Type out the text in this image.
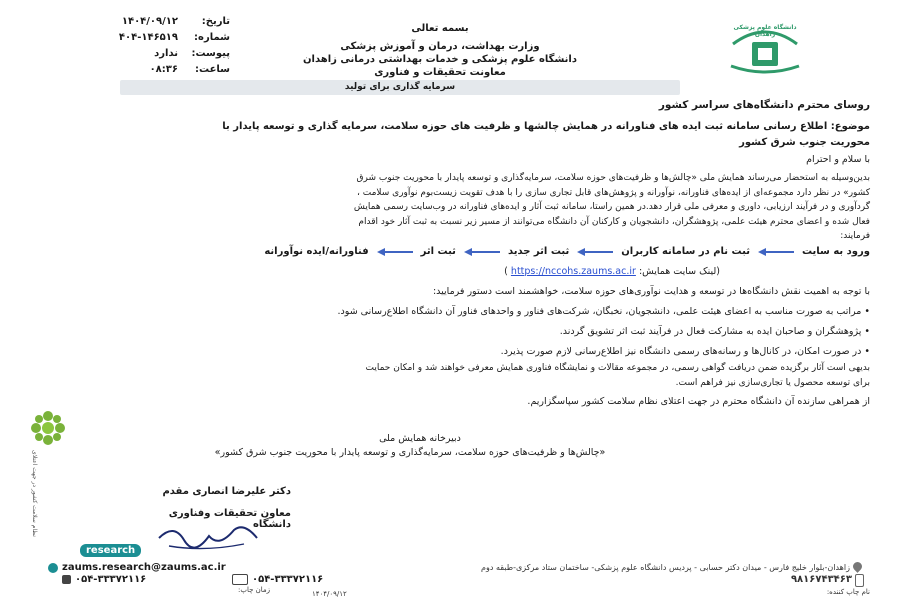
دانشگاه علوم پزشکی زاهدان
بسمه تعالی
وزارت بهداشت، درمان و آموزش پزشکی
دانشگاه علوم پزشکی و خدمات بهداشتی درمانی زاهدان
معاونت تحقیقات و فناوری
تاریخ:
۱۴۰۴/۰۹/۱۲
شماره:
۴۰۴-۱۴۶۵۱۹
پیوست:
ندارد
ساعت:
۰۸:۳۶
سرمایه گذاری برای تولید
روسای محترم دانشگاه‌های سراسر کشور
موضوع: اطلاع رسانی سامانه ثبت ایده های فناورانه در همایش چالشها و ظرفیت های حوزه سلامت، سرمایه گذاری و توسعه پایدار با
محوریت جنوب شرق کشور
با سلام و احترام
بدین‌وسیله به استحضار می‌رساند همایش ملی «چالش‌ها و ظرفیت‌های حوزه سلامت، سرمایه‌گذاری و توسعه پایدار با محوریت جنوب شرق
کشور» در نظر دارد مجموعه‌ای از ایده‌های فناورانه، نوآورانه و پژوهش‌های قابل تجاری سازی را با هدف تقویت زیست‌بوم نوآوری سلامت ،
گردآوری و در فرآیند ارزیابی، داوری و معرفی ملی قرار دهد.در همین راستا، سامانه ثبت آثار و ایده‌های فناورانه در وب‌سایت رسمی همایش
فعال شده و اعضای محترم هیئت علمی، پژوهشگران، دانشجویان و کارکنان آن دانشگاه می‌توانند از مسیر زیر نسبت به ثبت آثار خود اقدام
فرمایند:
ورود به سایت
ثبت نام در سامانه کاربران
ثبت اثر جدید
ثبت اثر
فناورانه/ایده نوآورانه
(لینک سایت همایش: https://nccohs.zaums.ac.ir )
با توجه به اهمیت نقش دانشگاه‌ها در توسعه و هدایت نوآوری‌های حوزه سلامت، خواهشمند است دستور فرمایید:
• مراتب به صورت مناسب به اعضای هیئت علمی، دانشجویان، نخبگان، شرکت‌های فناور و واحدهای فناور آن دانشگاه اطلاع‌رسانی شود.
• پژوهشگران و صاحبان ایده به مشارکت فعال در فرآیند ثبت اثر تشویق گردند.
• در صورت امکان، در کانال‌ها و رسانه‌های رسمی دانشگاه نیز اطلاع‌رسانی لازم صورت پذیرد.
بدیهی است آثار برگزیده ضمن دریافت گواهی رسمی، در مجموعه مقالات و نمایشگاه فناوری همایش معرفی خواهند شد و امکان حمایت
برای توسعه محصول یا تجاری‌سازی نیز فراهم است.
از همراهی سازنده آن دانشگاه محترم در جهت اعتلای نظام سلامت کشور سپاسگزاریم.
دبیرخانه همایش ملی
«چالش‌ها و ظرفیت‌های حوزه سلامت، سرمایه‌گذاری و توسعه پایدار با محوریت جنوب شرق کشور»
نظام سلامت کشور در جهت اعتلای	دکتر علیرضا انصاری مقدم
معاون تحقیقات وفناوری دانشگاه
research
zaums.research@zaums.ac.ir
۰۵۴-۳۳۳۷۲۱۱۶	۰۵۴-۳۳۳۷۲۱۱۶
زاهدان-بلوار خلیج فارس - میدان دکتر حسابی - پردیس دانشگاه علوم پزشکی- ساختمان ستاد مرکزی-طبقه دوم
۹۸۱۶۷۴۳۴۶۳
نام چاپ کننده:
زمان چاپ:	۱۴۰۴/۰۹/۱۲
